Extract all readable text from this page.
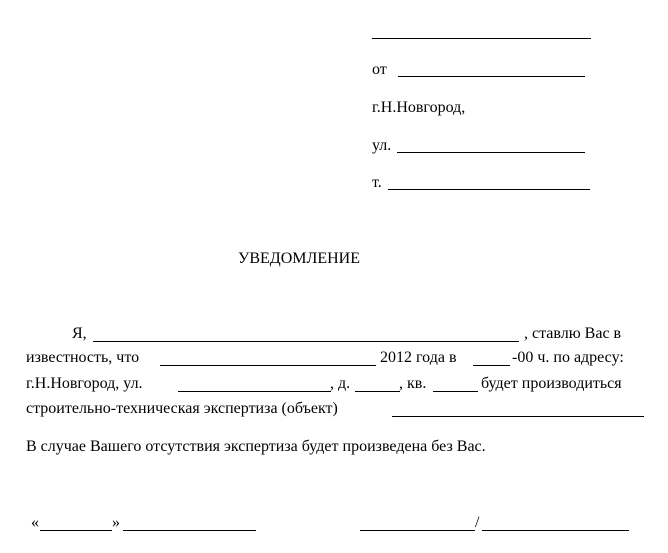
от
г.Н.Новгород,
ул.
т.
УВЕДОМЛЕНИЕ
Я,	, ставлю Вас в
известность, что	2012 года в	-00 ч. по адресу:
г.Н.Новгород, ул.	, д.	, кв.	будет производиться
строительно-техническая экспертиза (объект)
В случае Вашего отсутствия экспертиза будет произведена без Вас.
«	»	/
